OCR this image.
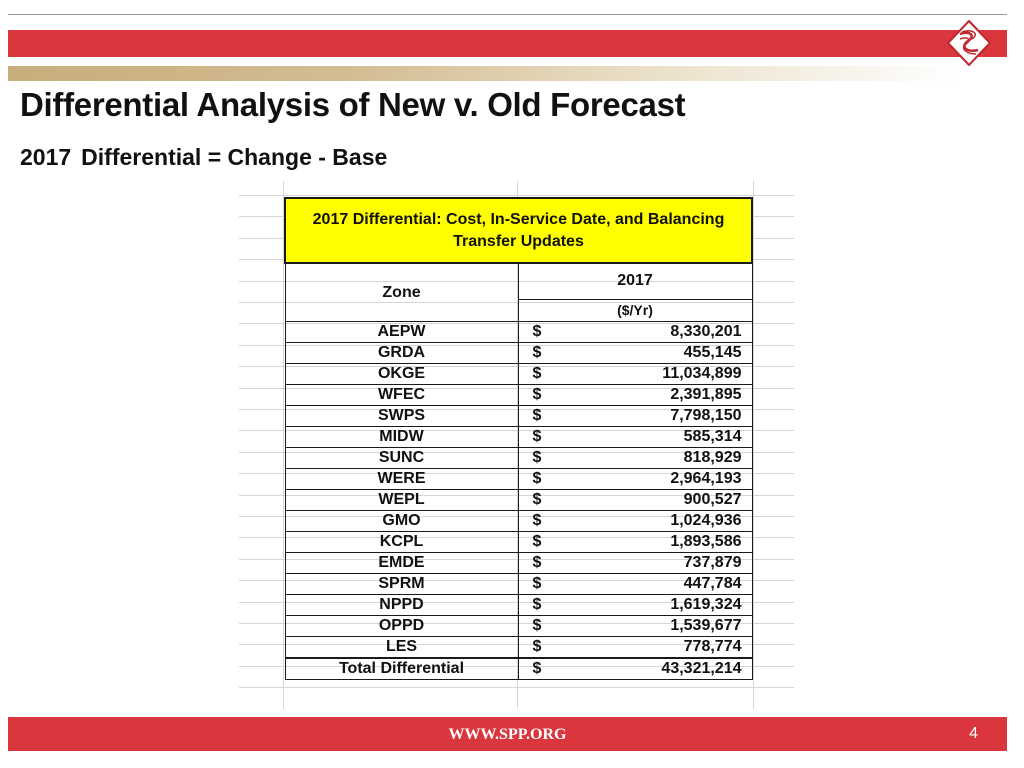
Differential Analysis of New v. Old Forecast
2017 Differential = Change - Base
2017 Differential: Cost, In-Service Date, and Balancing Transfer Updates	
Zone	2017
	($/Yr)
AEPW	$ 8,330,201

GRDA	$ 455,145

OKGE	$ 11,034,899

WFEC	$ 2,391,895

SWPS	$ 7,798,150

MIDW	$ 585,314

SUNC	$ 818,929

WERE	$ 2,964,193

WEPL	$ 900,527

GMO	$ 1,024,936

KCPL	$ 1,893,586

EMDE	$ 737,879

SPRM	$ 447,784

NPPD	$ 1,619,324

OPPD	$ 1,539,677

LES	$ 778,774

Total Differential	$ 43,321,214
WWW.SPP.ORG	4
